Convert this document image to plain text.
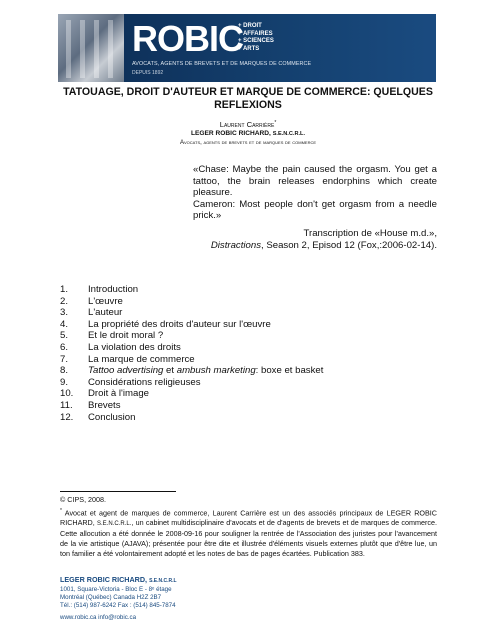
ROBIC
+ DROIT
+ AFFAIRES
+ SCIENCES
+ ARTS
AVOCATS, AGENTS DE BREVETS ET DE MARQUES DE COMMERCE
DEPUIS 1892
TATOUAGE, DROIT D'AUTEUR ET MARQUE DE COMMERCE: QUELQUES REFLEXIONS
Laurent Carrière*
LEGER ROBIC RICHARD, S.E.N.C.R.L.
Avocats, agents de brevets et de marques de commerce

«Chase: Maybe the pain caused the orgasm. You get a tattoo, the brain releases endorphins which create pleasure.

Cameron: Most people don't get orgasm from a needle prick.»

Transcription de «House m.d.»,
Distractions, Season 2, Episod 12 (Fox,:2006-02-14).
1.	Introduction
2.	L'œuvre
3.	L'auteur
4.	La propriété des droits d'auteur sur l'œuvre
5.	Et le droit moral ?
6.	La violation des droits
7.	La marque de commerce
8.	Tattoo advertising et ambush marketing: boxe et basket
9.	Considérations religieuses
10.	Droit à l'image
11.	Brevets
12.	Conclusion
© CIPS, 2008.
* Avocat et agent de marques de commerce, Laurent Carrière est un des associés principaux de LEGER ROBIC RICHARD, S.E.N.C.R.L., un cabinet multidisciplinaire d'avocats et de d'agents de brevets et de marques de commerce. Cette allocution a été donnée le 2008-09-16 pour souligner la rentrée de l'Association des juristes pour l'avancement de la vie artistique (AJAVA); présentée pour être dite et illustrée d'éléments visuels externes plutôt que d'être lue, un ton familier a été volontairement adopté et les notes de bas de pages écartées. Publication 383.
LEGER ROBIC RICHARD, S.E.N.C.R.L
1001, Square-Victoria - Bloc E - 8ᵉ étage
Montréal (Québec) Canada H2Z 2B7
Tél.: (514) 987-6242 Fax : (514) 845-7874
www.robic.ca info@robic.ca
